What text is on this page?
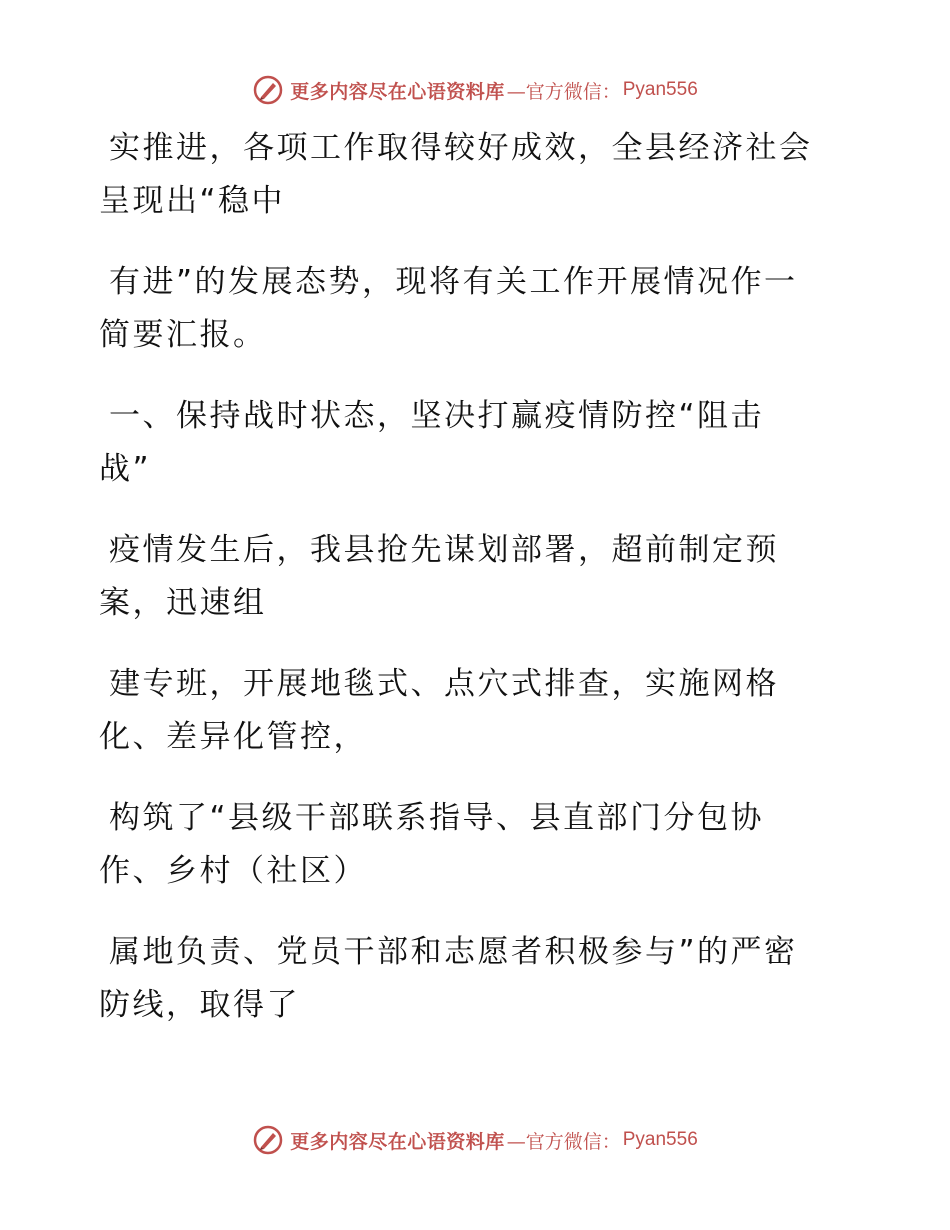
更多内容尽在心语资料库 —官方微信： Pyan556

实推进，各项工作取得较好成效，全县经济社会
呈现出“稳中

有进”的发展态势，现将有关工作开展情况作一
简要汇报。

一、保持战时状态，坚决打赢疫情防控“阻击
战”

疫情发生后，我县抢先谋划部署，超前制定预
案，迅速组

建专班，开展地毯式、点穴式排查，实施网格
化、差异化管控，

构筑了“县级干部联系指导、县直部门分包协
作、乡村（社区）

属地负责、党员干部和志愿者积极参与”的严密
防线，取得了

更多内容尽在心语资料库 —官方微信： Pyan556
